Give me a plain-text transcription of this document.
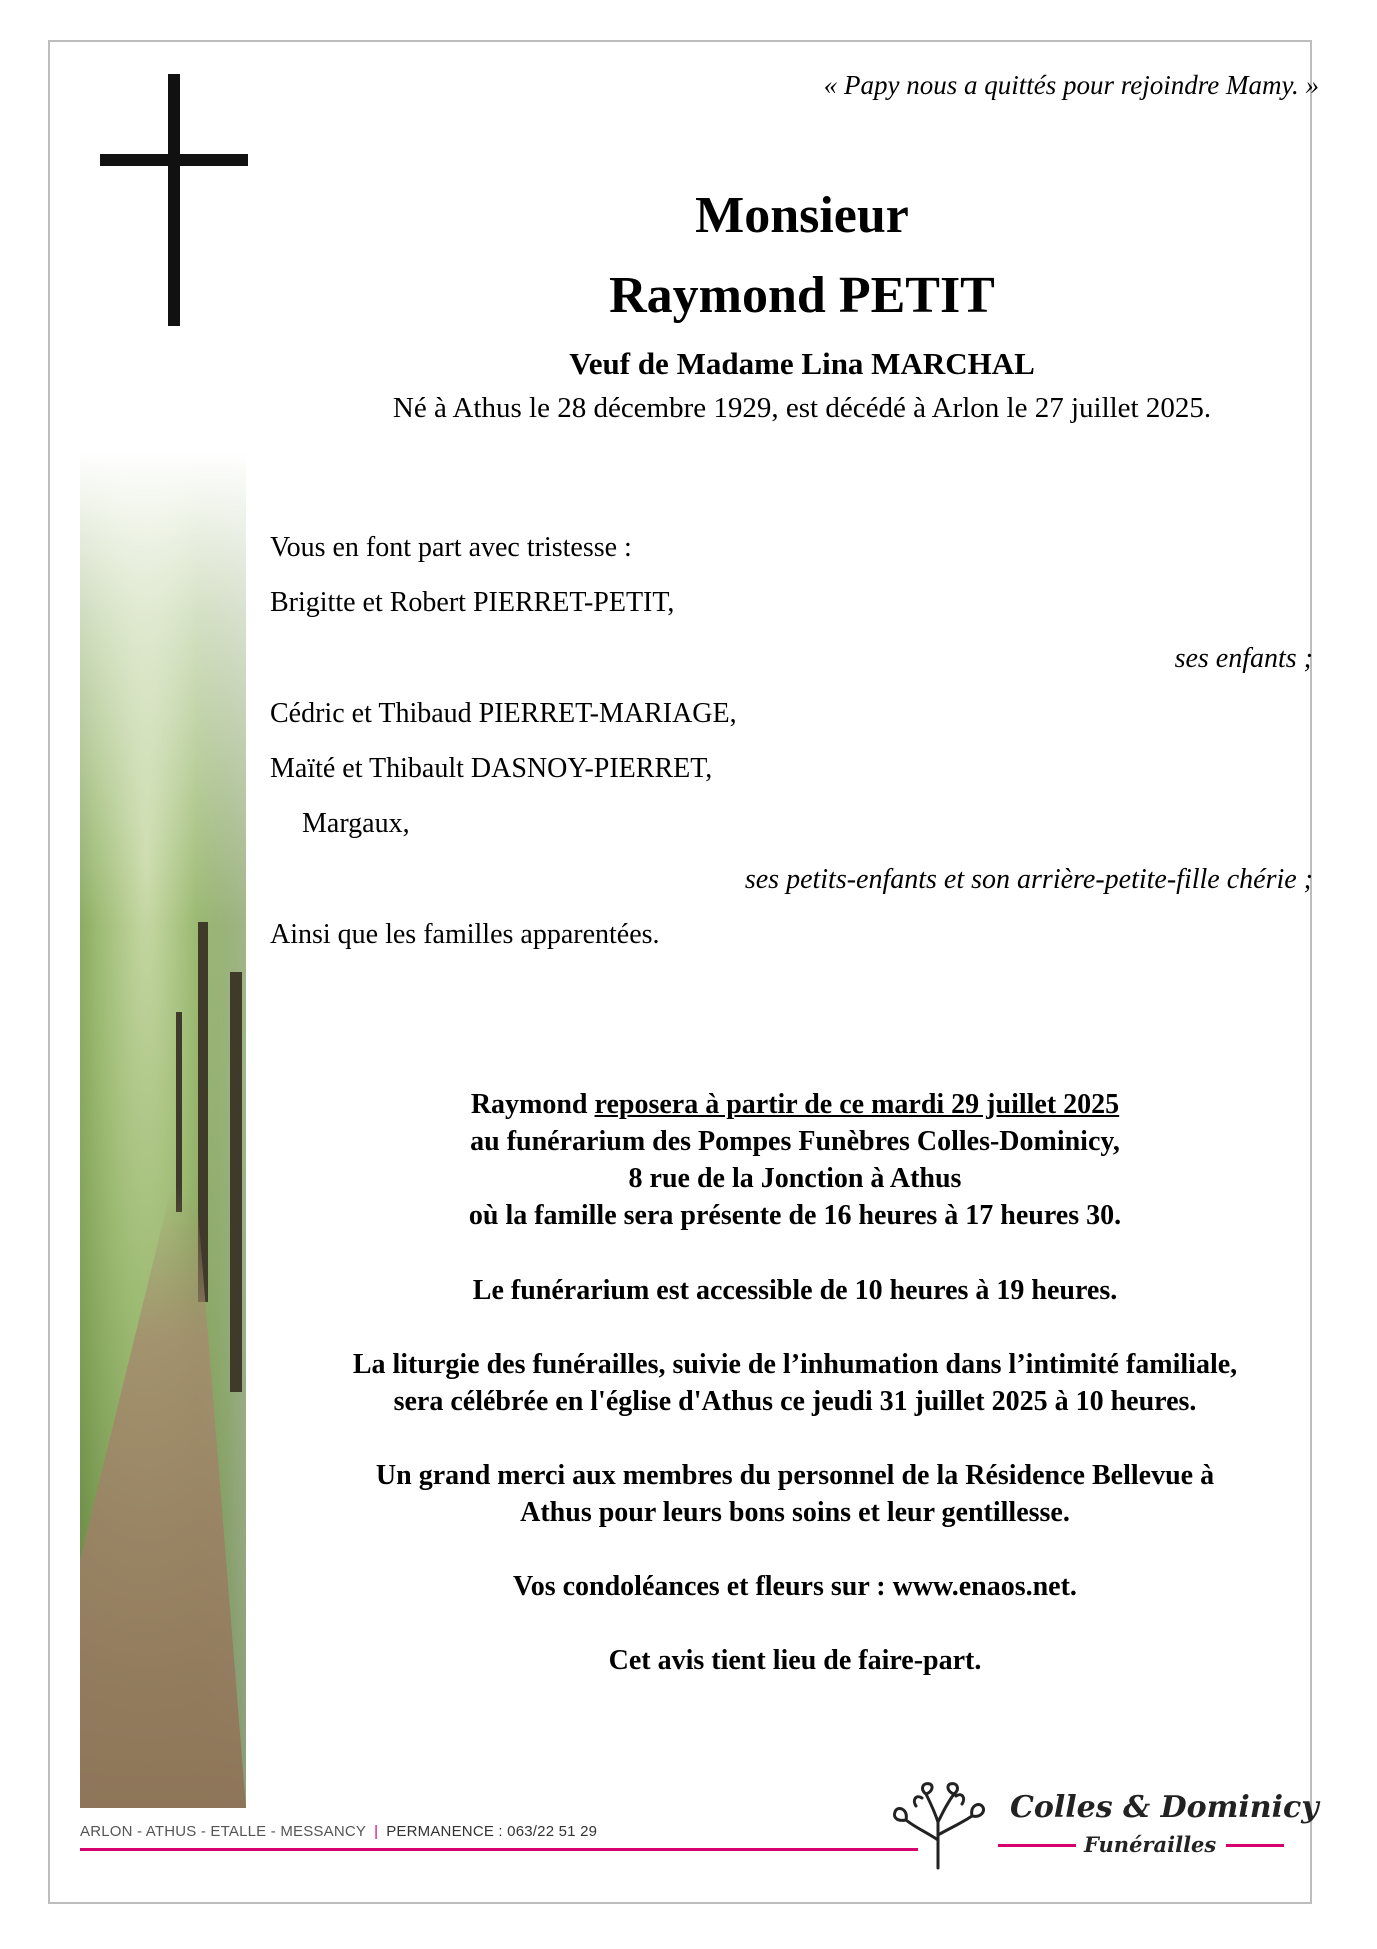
« Papy nous a quittés pour rejoindre Mamy. »
Monsieur
Raymond PETIT
Veuf de Madame Lina MARCHAL
Né à Athus le 28 décembre 1929, est décédé à Arlon le 27 juillet 2025.
Vous en font part avec tristesse :
Brigitte et Robert PIERRET-PETIT,
ses enfants ;
Cédric et Thibaud PIERRET-MARIAGE,
Maïté et Thibault DASNOY-PIERRET,
Margaux,
ses petits-enfants et son arrière-petite-fille chérie ;
Ainsi que les familles apparentées.
Raymond reposera à partir de ce mardi 29 juillet 2025
au funérarium des Pompes Funèbres Colles-Dominicy,
8 rue de la Jonction à Athus
où la famille sera présente de 16 heures à 17 heures 30.
Le funérarium est accessible de 10 heures à 19 heures.
La liturgie des funérailles, suivie de l’inhumation dans l’intimité familiale,
sera célébrée en l'église d'Athus ce jeudi 31 juillet 2025 à 10 heures.
Un grand merci aux membres du personnel de la Résidence Bellevue à
Athus pour leurs bons soins et leur gentillesse.
Vos condoléances et fleurs sur : www.enaos.net.
Cet avis tient lieu de faire-part.
ARLON - ATHUS - ETALLE - MESSANCY | PERMANENCE : 063/22 51 29
Colles & Dominicy
Funérailles
